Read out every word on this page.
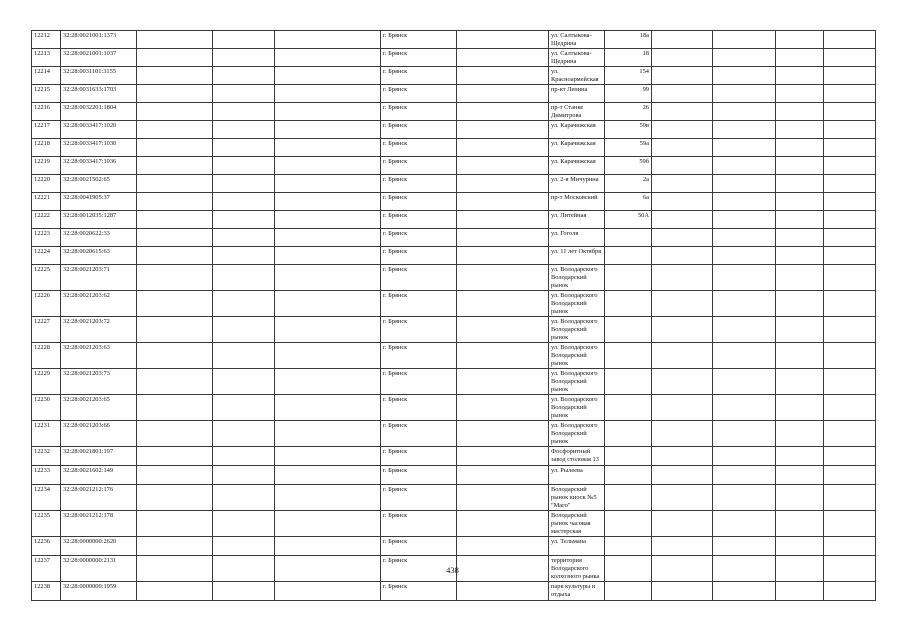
12212	32:28:0021001:1373				г. Брянск		ул. Салтыкова-Щедрина	18а				
12213	32:28:0021001:1037				г. Брянск		ул. Салтыкова-Щедрина	18				
12214	32:28:0031101:3155				г. Брянск		ул. Красноармейская	154				
12215	32:28:0031633:1703				г. Брянск		пр-кт Ленина	99				
12216	32:28:0032201:1804				г. Брянск		пр-т Станке Димитрова	26				
12217	32:28:0033417:1020				г. Брянск		ул. Карачижская	59в				
12218	32:28:0033417:1030				г. Брянск		ул. Карачижская	59а				
12219	32:28:0033417:1036				г. Брянск		ул. Карачижская	59б				
12220	32:28:0021502:65				г. Брянск		ул. 2-я Мичурина	2а				
12221	32:28:0041905:37				г. Брянск		пр-т Московский	6а				
12222	32:28:0012035:1287				г. Брянск		ул. Литейная	50А				
12223	32:28:0020622:33				г. Брянск		ул. Гоголя					
12224	32:28:0020615:63				г. Брянск		ул. 11 лет Октября					
12225	32:28:0021203:71				г. Брянск		ул. Володарского Володарский рынок					
12226	32:28:0021203:62				г. Брянск		ул. Володарского Володарский рынок					
12227	32:28:0021203:72				г. Брянск		ул. Володарского Володарский рынок					
12228	32:28:0021203:63				г. Брянск		ул. Володарского Володарский рынок					
12229	32:28:0021203:73				г. Брянск		ул. Володарского Володарский рынок					
12230	32:28:0021203:65				г. Брянск		ул. Володарского Володарский рынок					
12231	32:28:0021203:66				г. Брянск		ул. Володарского Володарский рынок					
12232	32:28:0021801:197				г. Брянск		Фосфоритный завод столовая 13					
12233	32:28:0021602:149				г. Брянск		ул. Рылеева					
12234	32:28:0021212:176				г. Брянск		Володарский рынок киоск №5 "Маго"					
12235	32:28:0021212:178				г. Брянск		Володарский рынок часовая мастерская					
12236	32:28:0000000:2620				г. Брянск		ул. Тельмана					
12237	32:28:0000000:2131				г. Брянск		территория Володарского колхозного рынка					
12238	32:28:0000000:1959				г. Брянск		парк культуры и отдыха					
438
